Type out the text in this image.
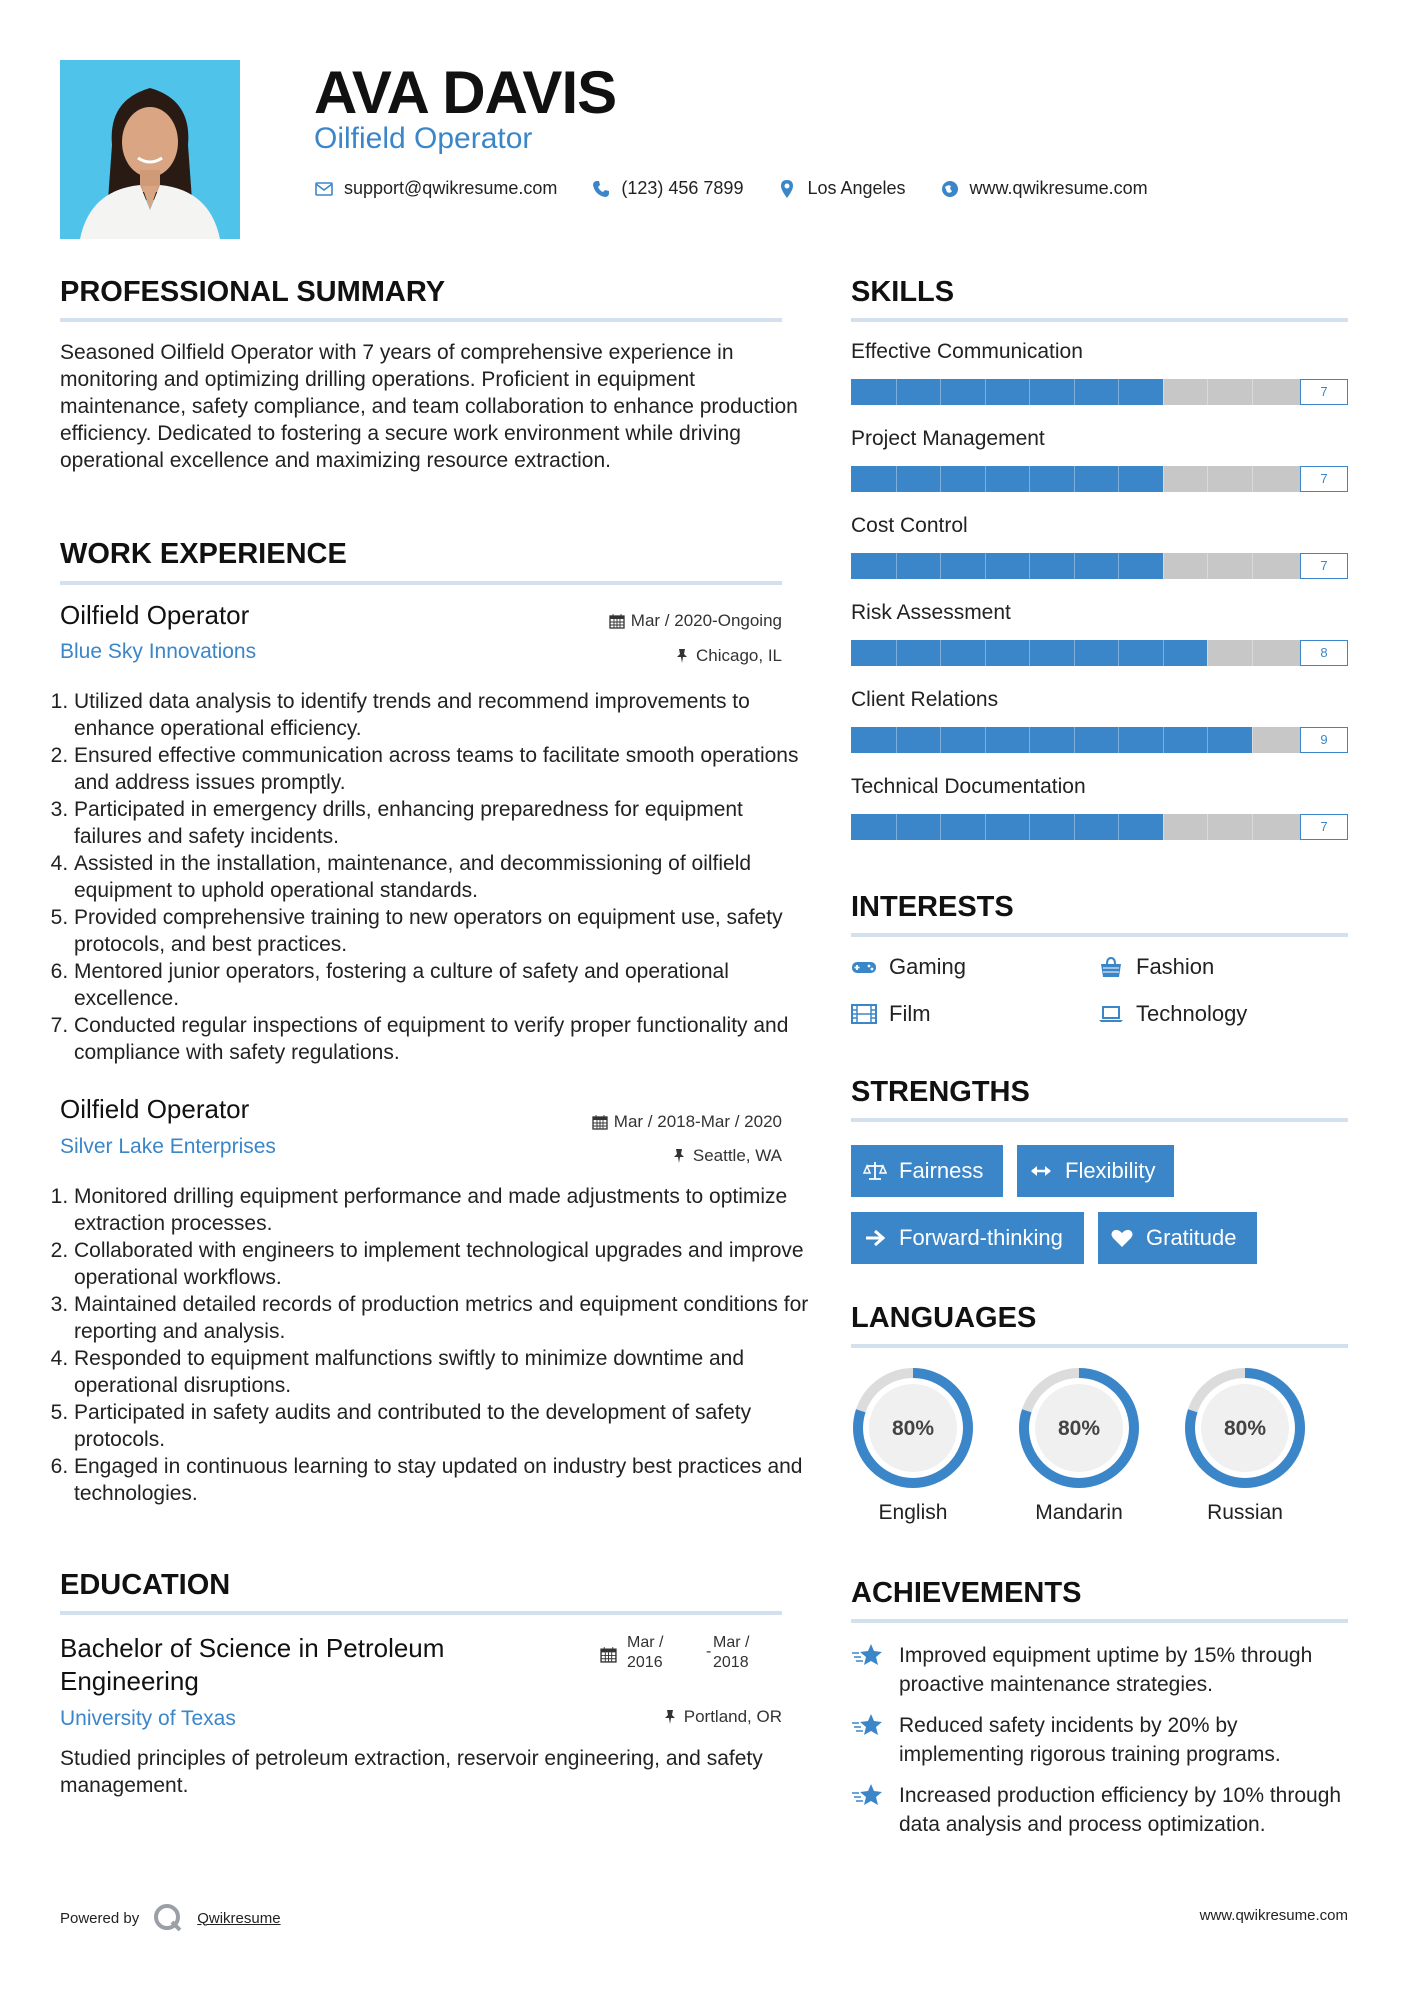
AVA DAVIS
Oilfield Operator
support@qwikresume.com	(123) 456 7899	Los Angeles	www.qwikresume.com
PROFESSIONAL SUMMARY
Seasoned Oilfield Operator with 7 years of comprehensive experience in monitoring and optimizing drilling operations. Proficient in equipment maintenance, safety compliance, and team collaboration to enhance production efficiency. Dedicated to fostering a secure work environment while driving operational excellence and maximizing resource extraction.
WORK EXPERIENCE
Oilfield Operator	Mar / 2020-Ongoing
Blue Sky Innovations	Chicago, IL
1. Utilized data analysis to identify trends and recommend improvements to enhance operational efficiency.
2. Ensured effective communication across teams to facilitate smooth operations and address issues promptly.
3. Participated in emergency drills, enhancing preparedness for equipment failures and safety incidents.
4. Assisted in the installation, maintenance, and decommissioning of oilfield equipment to uphold operational standards.
5. Provided comprehensive training to new operators on equipment use, safety protocols, and best practices.
6. Mentored junior operators, fostering a culture of safety and operational excellence.
7. Conducted regular inspections of equipment to verify proper functionality and compliance with safety regulations.
Oilfield Operator	Mar / 2018-Mar / 2020
Silver Lake Enterprises	Seattle, WA
1. Monitored drilling equipment performance and made adjustments to optimize extraction processes.
2. Collaborated with engineers to implement technological upgrades and improve operational workflows.
3. Maintained detailed records of production metrics and equipment conditions for reporting and analysis.
4. Responded to equipment malfunctions swiftly to minimize downtime and operational disruptions.
5. Participated in safety audits and contributed to the development of safety protocols.
6. Engaged in continuous learning to stay updated on industry best practices and technologies.
EDUCATION
Bachelor of Science in Petroleum Engineering
Mar / 2016
-
Mar / 2018
University of Texas	Portland, OR
Studied principles of petroleum extraction, reservoir engineering, and safety management.
SKILLS
Effective Communication
7
Project Management
7
Cost Control
7
Risk Assessment
8
Client Relations
9
Technical Documentation
7
INTERESTS
Gaming	Fashion
Film	Technology
STRENGTHS
Fairness	Flexibility
Forward-thinking	Gratitude
LANGUAGES
80%
English
80%
Mandarin
80%
Russian
ACHIEVEMENTS
Improved equipment uptime by 15% through proactive maintenance strategies.
Reduced safety incidents by 20% by implementing rigorous training programs.
Increased production efficiency by 10% through data analysis and process optimization.
Powered by	Qwikresume	www.qwikresume.com
